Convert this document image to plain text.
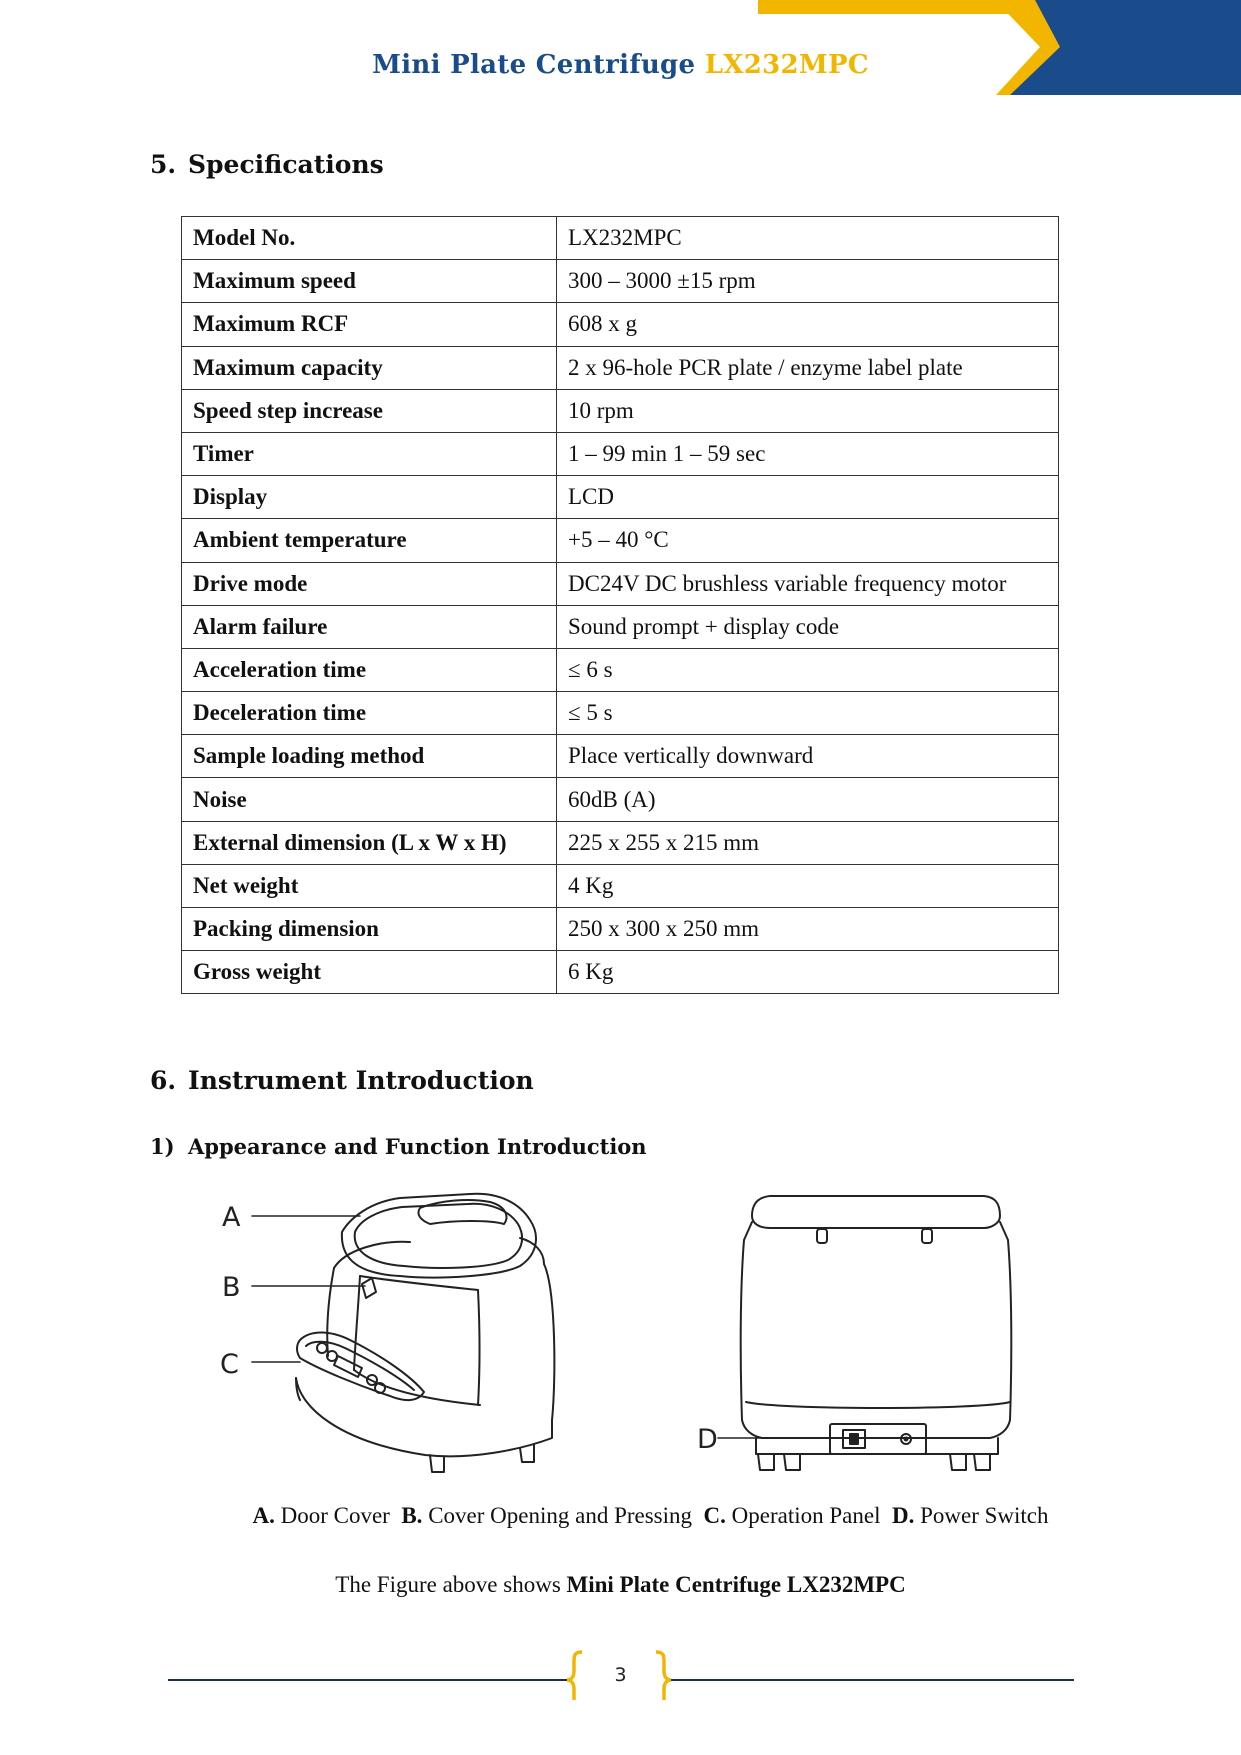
Mini Plate Centrifuge LX232MPC
5. Specifications
Model No.	LX232MPC
Maximum speed	300 – 3000 ±15 rpm
Maximum RCF	608 x g
Maximum capacity	2 x 96-hole PCR plate / enzyme label plate
Speed step increase	10 rpm
Timer	1 – 99 min 1 – 59 sec
Display	LCD
Ambient temperature	+5 – 40 °C
Drive mode	DC24V DC brushless variable frequency motor
Alarm failure	Sound prompt + display code
Acceleration time	≤ 6 s
Deceleration time	≤ 5 s
Sample loading method	Place vertically downward
Noise	60dB (A)
External dimension (L x W x H)	225 x 255 x 215 mm
Net weight	4 Kg
Packing dimension	250 x 300 x 250 mm
Gross weight	6 Kg
6. Instrument Introduction
1) Appearance and Function Introduction
A
B
C
D
A. Door Cover B. Cover Opening and Pressing C. Operation Panel D. Power Switch
The Figure above shows Mini Plate Centrifuge LX232MPC
3
